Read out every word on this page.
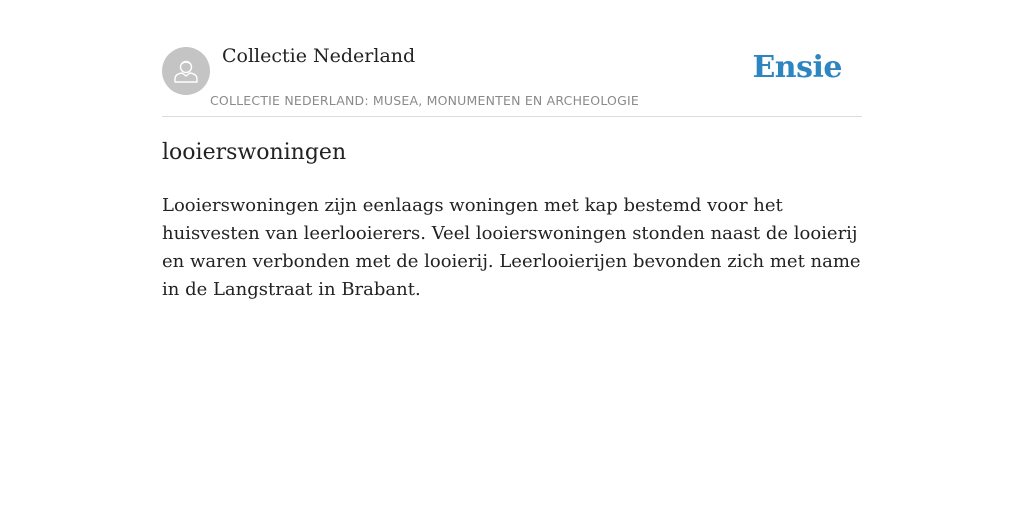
Collectie Nederland
COLLECTIE NEDERLAND: MUSEA, MONUMENTEN EN ARCHEOLOGIE
Ensie
looierswoningen

Looierswoningen zijn eenlaags woningen met kap bestemd voor het huisvesten van leerlooierers. Veel looierswoningen stonden naast de looierij en waren verbonden met de looierij. Leerlooierijen bevonden zich met name in de Langstraat in Brabant.
